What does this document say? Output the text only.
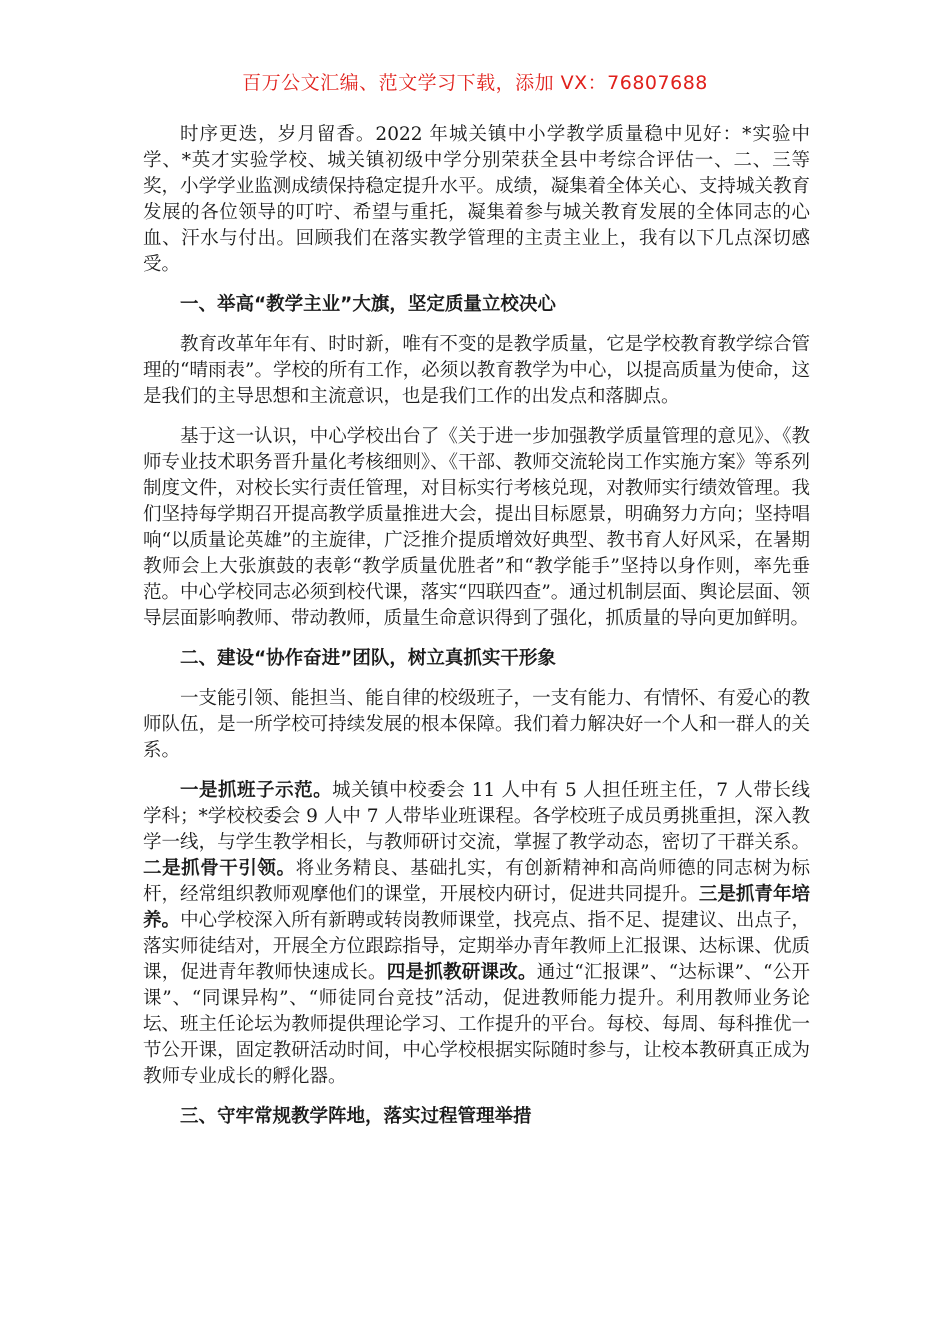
百万公文汇编、范文学习下载，添加 VX：76807688

时序更迭，岁月留香。2022 年城关镇中小学教学质量稳中见好：*实验中学、*英才实验学校、城关镇初级中学分别荣获全县中考综合评估一、二、三等奖，小学学业监测成绩保持稳定提升水平。成绩，凝集着全体关心、支持城关教育发展的各位领导的叮咛、希望与重托，凝集着参与城关教育发展的全体同志的心血、汗水与付出。回顾我们在落实教学管理的主责主业上，我有以下几点深切感受。

一、举高“教学主业”大旗，坚定质量立校决心

教育改革年年有、时时新，唯有不变的是教学质量，它是学校教育教学综合管理的“晴雨表”。学校的所有工作，必须以教育教学为中心，以提高质量为使命，这是我们的主导思想和主流意识，也是我们工作的出发点和落脚点。

基于这一认识，中心学校出台了《关于进一步加强教学质量管理的意见》、《教师专业技术职务晋升量化考核细则》、《干部、教师交流轮岗工作实施方案》等系列制度文件，对校长实行责任管理，对目标实行考核兑现，对教师实行绩效管理。我们坚持每学期召开提高教学质量推进大会，提出目标愿景，明确努力方向；坚持唱响“以质量论英雄”的主旋律，广泛推介提质增效好典型、教书育人好风采，在暑期教师会上大张旗鼓的表彰“教学质量优胜者”和“教学能手”坚持以身作则，率先垂范。中心学校同志必须到校代课，落实“四联四查”。通过机制层面、舆论层面、领导层面影响教师、带动教师，质量生命意识得到了强化，抓质量的导向更加鲜明。

二、建设“协作奋进”团队，树立真抓实干形象

一支能引领、能担当、能自律的校级班子，一支有能力、有情怀、有爱心的教师队伍，是一所学校可持续发展的根本保障。我们着力解决好一个人和一群人的关系。

一是抓班子示范。城关镇中校委会 11 人中有 5 人担任班主任，7 人带长线学科；*学校校委会 9 人中 7 人带毕业班课程。各学校班子成员勇挑重担，深入教学一线，与学生教学相长，与教师研讨交流，掌握了教学动态，密切了干群关系。二是抓骨干引领。将业务精良、基础扎实，有创新精神和高尚师德的同志树为标杆，经常组织教师观摩他们的课堂，开展校内研讨，促进共同提升。三是抓青年培养。中心学校深入所有新聘或转岗教师课堂，找亮点、指不足、提建议、出点子，落实师徒结对，开展全方位跟踪指导，定期举办青年教师上汇报课、达标课、优质课，促进青年教师快速成长。四是抓教研课改。通过“汇报课”、“达标课”、“公开课”、“同课异构”、“师徒同台竞技”活动，促进教师能力提升。利用教师业务论坛、班主任论坛为教师提供理论学习、工作提升的平台。每校、每周、每科推优一节公开课，固定教研活动时间，中心学校根据实际随时参与，让校本教研真正成为教师专业成长的孵化器。

三、守牢常规教学阵地，落实过程管理举措
